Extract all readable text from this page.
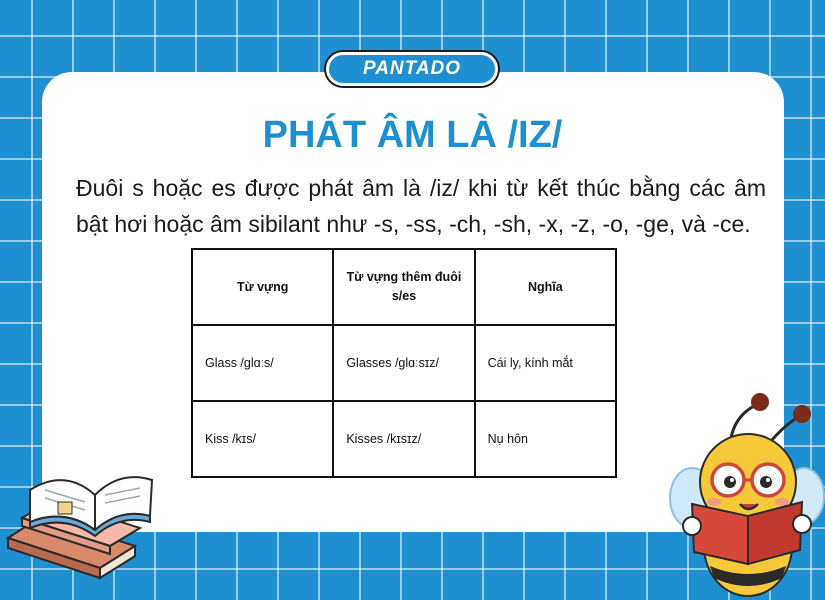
PANTADO
PHÁT ÂM LÀ /IZ/

Đuôi s hoặc es được phát âm là /iz/ khi từ kết thúc bằng các âm bật hơi hoặc âm sibilant như -s, -ss, -ch, -sh, -x, -z, -o, -ge, và -ce.

Từ vựng	Từ vựng thêm đuôi s/es	Nghĩa
Glass /ɡlɑːs/	Glasses /ɡlɑːsɪz/	Cái ly, kính mắt
Kiss /kɪs/	Kisses /kɪsɪz/	Nụ hôn
